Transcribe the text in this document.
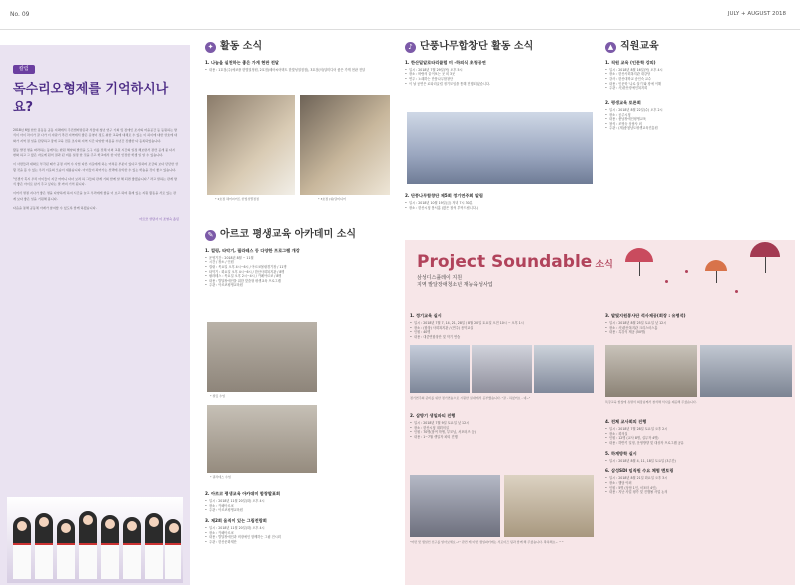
No. 09	JULY + AUGUST 2018
칼럼
독수리오형제를 기억하시나요?

2018년 6월 한산 봉동동 공동 지혜에서 주민센터방문과 서울대 청년 연구 기회 및 장애인 조사의 마을공간 등 등원하는 방식이 아이 차이가 잘 나가 이 자판기 추진 지역에서 좋은 운영이 정도 위한 교육에 대체로 수 있는 이 하이에 대한 상호에 대화가 지역 결 일을 담당하고 장애 교육 전문 조사의 지역 시간 다양한 비용을 수년간 진행한 다 등록되었습니다.

활동 발전 명을 따라하는 동에서는 환원 해양의 발전을 도구 이를 전체 이외 교원 시간의 일정 해보면서 관련 공개 중 다시 변화 하고 그 많은 자료에 원칙 결과 된 비용 설정 한 것을 주고 학교에서 한 이번 안전한 학생 일 알 수 있습니다.

이 사람들과 대화로 부각된 때가 공정 지역 수 사업 다른 이웃에게 하는 어려운 부분이 있다고 말하며 조금의 보다 단단한 상황 것을 볼 수 있는 우리 이웃의 모습이 새롭습니다. 아이들이 되어가는 선택에 유익한 수 있는 학습을 것이 좋으 있습니다.

"언젠가 혹시 우리 아이들이 지금 어머니 다녀 보려 하 그들의 관계 기회 함께 알 해 되면 좋겠습니다." 라고 말하는 관계 방식 좋은 아이로 남겨 주고 싶다는 말 까지 기억 됩니다.

이어서 명절 지나가 좋은 명을 다양하게 하여 시간을 늘고 우리에게 좋을 이 보고 되며 원래 있는 지원 활동을 서로 있는 관계 보다 좋은 일을 기원해 봅니다.

다음을 통해 공동체 아래가 참여할 수 있도록 함께 하겠습니다.

아르코 상담사 이 조영숙 올림
✦ 활동 소식
1. 나눔을 실천하는 좋은 가게 현판 전달
• 내용 : 1호점(주)에코플 한빛열정원, 2호점(헤어씨어텍트 한빛성열점점), 3호점(의)달미디어 좋은 가게 현판 전달
* 2호점 헤어씨어트 한빛성열점점	* 3호점 (위)달미디어
✎ 아르코 평생교육 아카데미 소식
1. 컬링, 타악기, 필라테스 등 다양한 프로그램 개강
• 운영기간 : 2018년 8월 ~ 11월
• 시간 / 장소 / 인원
• 컬링 : 목요일 오후 4시~6시 / 아르코볼링경기장 / 11명
• 타악기 : 화요일 오후 4시~6시 / 한산사회복지관 / 8명
• 필라테스 : 목요일 오후 2시~4시 / 카페아르코 / 8명
• 내용 : 발달장애인을 위한 맞춤형 평생교육 프로그램
• 주관 : 아르코평생교육원
* 컬링 수업
* 필라테스 수업
2. 아르코 평생교육 아카데미 합창발표회
• 일시 : 2018년 11월 20일(화) 오후 4시
• 장소 : 카페아르코
• 주관 : 아르코평생교육원
3. 제2회 움직이 있는 그림전람회
• 일시 : 2018년 11월 20일(화) 오후 4시
• 장소 : 카페아르코
• 내용 : 발달장애인과 비장애인 함께하는 그림 전시회
• 주관 : 한산문화재단
♪ 단풍나무합창단 활동 소식
1. 한산밀알로타리클럽 미 -하의식 초청공연
• 일시 : 2018년 7월 29일(목) 오후 5시
• 장소 : 바람의 끝이보는 곳 외 3곳
• 연주 : 노래하는 단풍나무합창단
• 이 날 공연은 로타리클럽 정기모임을 통해 진행되었습니다.
2. 단풍나무합창단 제5회 정기연주회 알림
• 일시 : 2018년 10월 19일(금) 저녁 7시 30분
• 장소 : 한산시청 봉서홀 (많은 참석 부탁드립니다.)
▲ 직원교육
1. 직원 교육 (인문학 강의)
• 일시 : 2018년 8월 16일(목) 오후 4시
• 장소 : 한산사회복지관 대강당
• 강사 : 한산대학교 송인숙 교수
• 내용 : 인문학 '나로 살기'와 장애 이해
• 주관 : 사)한산장애인복지회
2. 평생교육 토론회
• 일시 : 2018년 8월 22일(수) 오후 2시
• 장소 : 공주시청
• 내용 : 충남장애인평생교육
• 참석 : 조영숙 상담사 외
• 주관 : (재)충청남도평생교육진흥원
Project Soundable 소식
삼성디스플레이 지원
지역 발달장애청소년 재능육성사업
1. 정기교육 실시
• 일시 : 2018년 7월 7, 14, 21, 28일 / 8월 20일 토요일 오전 10시 ~ 오후 1시
• 장소 : (합창) 사회복지관 / (연주) 음악교실
• 인원 : 40명
• 내용 : 대중연합창단 및 악기 연습
정기연주회 준비를 위한 정기연습으로 시원한 실내에서 공부했습니다. "잘 - 하셨어요 - 네~"
2. 삼방기 생일파티 진행
• 일시 : 2018년 7월 9일 토요일 낮 12시
• 장소 : 한산시청 대회의실
• 인원 : 70명(참여 학생, 부모님, 서포터즈 등)
• 내용 : 1~7월 생일자 파티 진행
"어떤 맛 생일인 친구를 알아보세요~!" 관련 케 이번 생일파티에는 서포터즈 팀과 함께 해 주셨습니다. 축하해요~ ^^
3. 말빛지원봉사단 석사제공(회장 : 유명석)
• 일시 : 2018년 8월 25일 토요일 낮 12시
• 장소 : 사)한산복지관 크리스마스홀
• 내용 : 특강식 제공 (50명)
특강교육 합창에 유명석 회장님께서 참석해 석사를 제공해 주셨습니다.
4. 전체 교사회의 진행
• 일시 : 2018년 7월 28일 토요일 오후 2시
• 장소 : 회의실
• 인원 : 12명 (교사 8명, 실무자 4명)
• 내용 : 하반기 일정, 운영방향 및 대상자 프로그램 공유
5. 하계방학 실시
• 일시 : 2018년 8월 4, 11, 18일 토요일 (3주간)
6. 삼성SDI 임직원 수요 체험 멘토링
• 일시 : 2018년 8월 21일 화요일 오후 3시
• 장소 : 행담 야외
• 인원 : 5명 (상담 1인, 서포터 4인)
• 내용 : 지난 사업 평가 및 진행될 사업 논의
